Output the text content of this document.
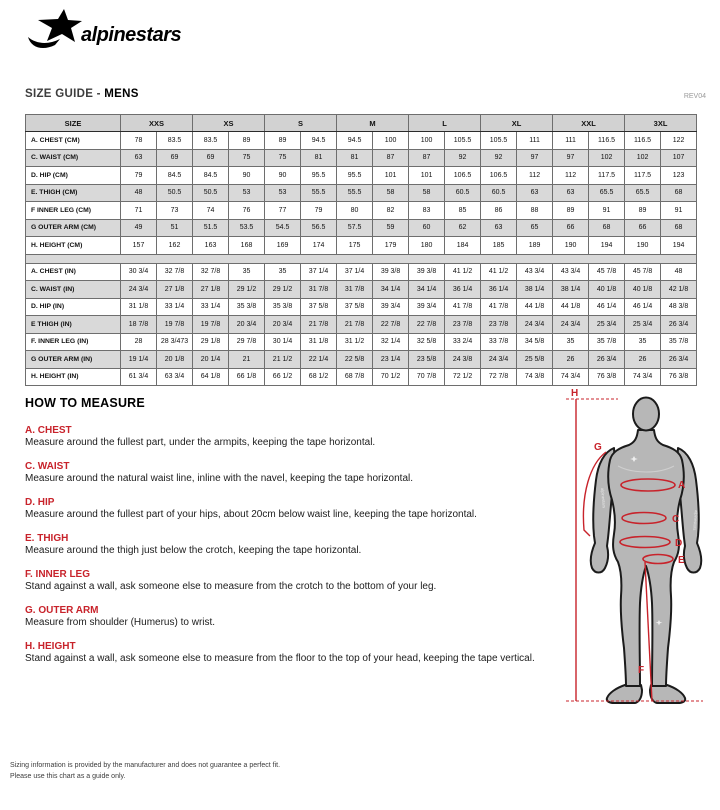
alpinestars
SIZE GUIDE - MENS	REV04
SIZE	XXS		XS		S		M		L		XL		XXL		3XL	
A. CHEST (CM)	78	83.5	83.5	89	89	94.5	94.5	100	100	105.5	105.5	111	111	116.5	116.5	122
C. WAIST (CM)	63	69	69	75	75	81	81	87	87	92	92	97	97	102	102	107
D. HIP (CM)	79	84.5	84.5	90	90	95.5	95.5	101	101	106.5	106.5	112	112	117.5	117.5	123
E. THIGH (CM)	48	50.5	50.5	53	53	55.5	55.5	58	58	60.5	60.5	63	63	65.5	65.5	68
F INNER LEG (CM)	71	73	74	76	77	79	80	82	83	85	86	88	89	91	89	91
G OUTER ARM (CM)	49	51	51.5	53.5	54.5	56.5	57.5	59	60	62	63	65	66	68	66	68
H. HEIGHT (CM)	157	162	163	168	169	174	175	179	180	184	185	189	190	194	190	194

A. CHEST (IN)	30 3/4	32 7/8	32 7/8	35	35	37 1/4	37 1/4	39 3/8	39 3/8	41 1/2	41 1/2	43 3/4	43 3/4	45 7/8	45 7/8	48
C. WAIST (IN)	24 3/4	27 1/8	27 1/8	29 1/2	29 1/2	31 7/8	31 7/8	34 1/4	34 1/4	36 1/4	36 1/4	38 1/4	38 1/4	40 1/8	40 1/8	42 1/8
D. HIP (IN)	31 1/8	33 1/4	33 1/4	35 3/8	35 3/8	37 5/8	37 5/8	39 3/4	39 3/4	41 7/8	41 7/8	44 1/8	44 1/8	46 1/4	46 1/4	48 3/8
E THIGH (IN)	18 7/8	19 7/8	19 7/8	20 3/4	20 3/4	21 7/8	21 7/8	22 7/8	22 7/8	23 7/8	23 7/8	24 3/4	24 3/4	25 3/4	25 3/4	26 3/4
F. INNER LEG (IN)	28	28 3/473	29 1/8	29 7/8	30 1/4	31 1/8	31 1/2	32 1/4	32 5/8	33 2/4	33 7/8	34 5/8	35	35 7/8	35	35 7/8
G OUTER ARM (IN)	19 1/4	20 1/8	20 1/4	21	21 1/2	22 1/4	22 5/8	23 1/4	23 5/8	24 3/8	24 3/4	25 5/8	26	26 3/4	26	26 3/4
H. HEIGHT (IN)	61 3/4	63 3/4	64 1/8	66 1/8	66 1/2	68 1/2	68 7/8	70 1/2	70 7/8	72 1/2	72 7/8	74 3/8	74 3/4	76 3/8	74 3/4	76 3/8
HOW TO MEASURE
A. CHEST

Measure around the fullest part, under the armpits, keeping the tape horizontal.

C. WAIST

Measure around the natural waist line, inline with the navel, keeping the tape horizontal.

D. HIP

Measure around the fullest part of your hips, about 20cm below waist line, keeping the tape horizontal.

E. THIGH

Measure around the thigh just below the crotch, keeping the tape horizontal.

F. INNER LEG

Stand against a wall, ask someone else to measure from the crotch to the bottom of your leg.

G. OUTER ARM

Measure from shoulder (Humerus) to wrist.

H. HEIGHT

Stand against a wall, ask someone else to measure from the floor to the top of your head, keeping the tape vertical.

alpinestars
alpinestars
H
G
A
C
D
E
F
Sizing information is provided by the manufacturer and does not guarantee a perfect fit.
Please use this chart as a guide only.
